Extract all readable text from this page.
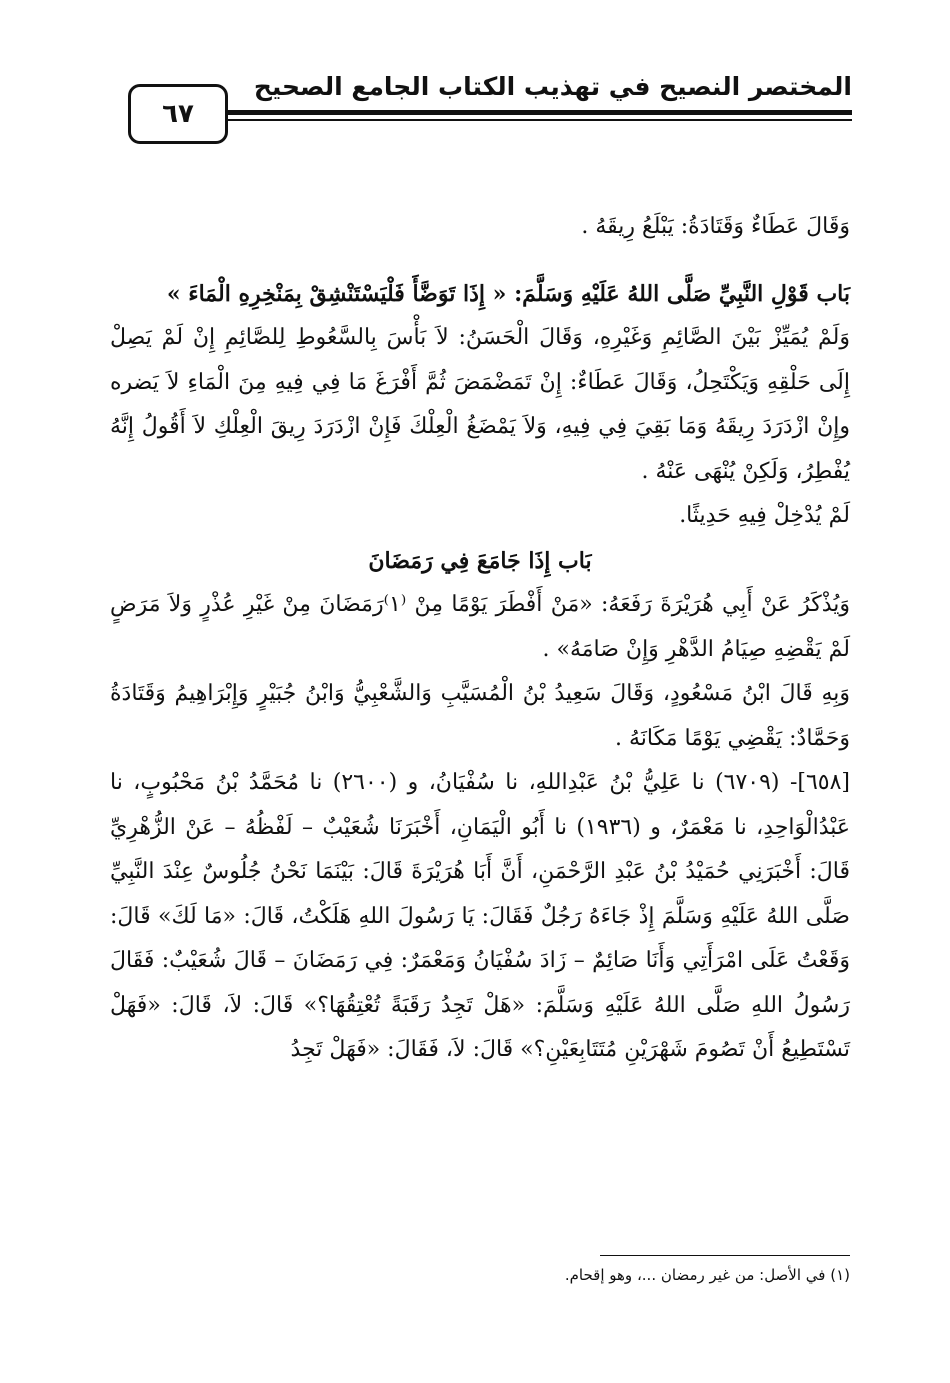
المختصر النصيح في تهذيب الكتاب الجامع الصحيح
٦٧

وَقَالَ عَطَاءٌ وَقَتَادَةُ: يَبْلَعُ رِيقَهُ .

بَاب قَوْلِ النَّبِيِّ صَلَّى اللهُ عَلَيْهِ وَسَلَّمَ: « إِذَا تَوَضَّأَ فَلْيَسْتَنْشِقْ بِمَنْخِرِهِ الْمَاءَ »

وَلَمْ يُمَيِّزْ بَيْنَ الصَّائِمِ وَغَيْرِهِ، وَقَالَ الْحَسَنُ: لاَ بَأْسَ بِالسَّعُوطِ لِلصَّائِمِ إِنْ لَمْ يَصِلْ إِلَى حَلْقِهِ وَيَكْتَحِلُ، وَقَالَ عَطَاءٌ: إِنْ تَمَضْمَضَ ثُمَّ أَفْرَغَ مَا فِي فِيهِ مِنَ الْمَاءِ لاَ يَضره وإِنْ ازْدَرَدَ رِيقَهُ وَمَا بَقِيَ فِي فِيهِ، وَلاَ يَمْضَغُ الْعِلْكَ فَإِنْ ازْدَرَدَ رِيقَ الْعِلْكِ لاَ أَقُولُ إِنَّهُ يُفْطِرُ، وَلَكِنْ يُنْهَى عَنْهُ .

لَمْ يُدْخِلْ فِيهِ حَدِيثًا.

بَاب إِذَا جَامَعَ فِي رَمَضَانَ

وَيُذْكَرُ عَنْ أَبِي هُرَيْرَةَ رَفَعَهُ: «مَنْ أَفْطَرَ يَوْمًا مِنْ ⁽١⁾رَمَضَانَ مِنْ غَيْرِ عُذْرٍ وَلاَ مَرَضٍ لَمْ يَقْضِهِ صِيَامُ الدَّهْرِ وَإِنْ صَامَهُ» .

وَبِهِ قَالَ ابْنُ مَسْعُودٍ، وَقَالَ سَعِيدُ بْنُ الْمُسَيَّبِ وَالشَّعْبِيُّ وَابْنُ جُبَيْرٍ وَإِبْرَاهِيمُ وَقَتَادَةُ وَحَمَّادٌ: يَقْضِي يَوْمًا مَكَانَهُ .

[٦٥٨]- (٦٧٠٩) نا عَلِيُّ بْنُ عَبْدِاللهِ، نا سُفْيَانُ، و (٢٦٠٠) نا مُحَمَّدُ بْنُ مَحْبُوبٍ، نا عَبْدُالْوَاحِدِ، نا مَعْمَرٌ، و (١٩٣٦) نا أَبُو الْيَمَانِ، أَخْبَرَنَا شُعَيْبٌ – لَفْظُهُ – عَنْ الزُّهْرِيِّ قَالَ: أَخْبَرَنِي حُمَيْدُ بْنُ عَبْدِ الرَّحْمَنِ، أَنَّ أَبَا هُرَيْرَةَ قَالَ: بَيْنَمَا نَحْنُ جُلُوسٌ عِنْدَ النَّبِيِّ صَلَّى اللهُ عَلَيْهِ وَسَلَّمَ إِذْ جَاءَهُ رَجُلٌ فَقَالَ: يَا رَسُولَ اللهِ هَلَكْتُ، قَالَ: «مَا لَكَ» قَالَ: وَقَعْتُ عَلَى امْرَأَتِي وَأَنَا صَائِمٌ – زَادَ سُفْيَانُ وَمَعْمَرٌ: فِي رَمَضَانَ – قَالَ شُعَيْبٌ: فَقَالَ رَسُولُ اللهِ صَلَّى اللهُ عَلَيْهِ وَسَلَّمَ: «هَلْ تَجِدُ رَقَبَةً تُعْتِقُهَا؟» قَالَ: لاَ، قَالَ: «فَهَلْ تَسْتَطِيعُ أَنْ تَصُومَ شَهْرَيْنِ مُتَتَابِعَيْنِ؟» قَالَ: لاَ، فَقَالَ: «فَهَلْ تَجِدُ

(١) في الأصل: من غير رمضان ...، وهو إقحام.
